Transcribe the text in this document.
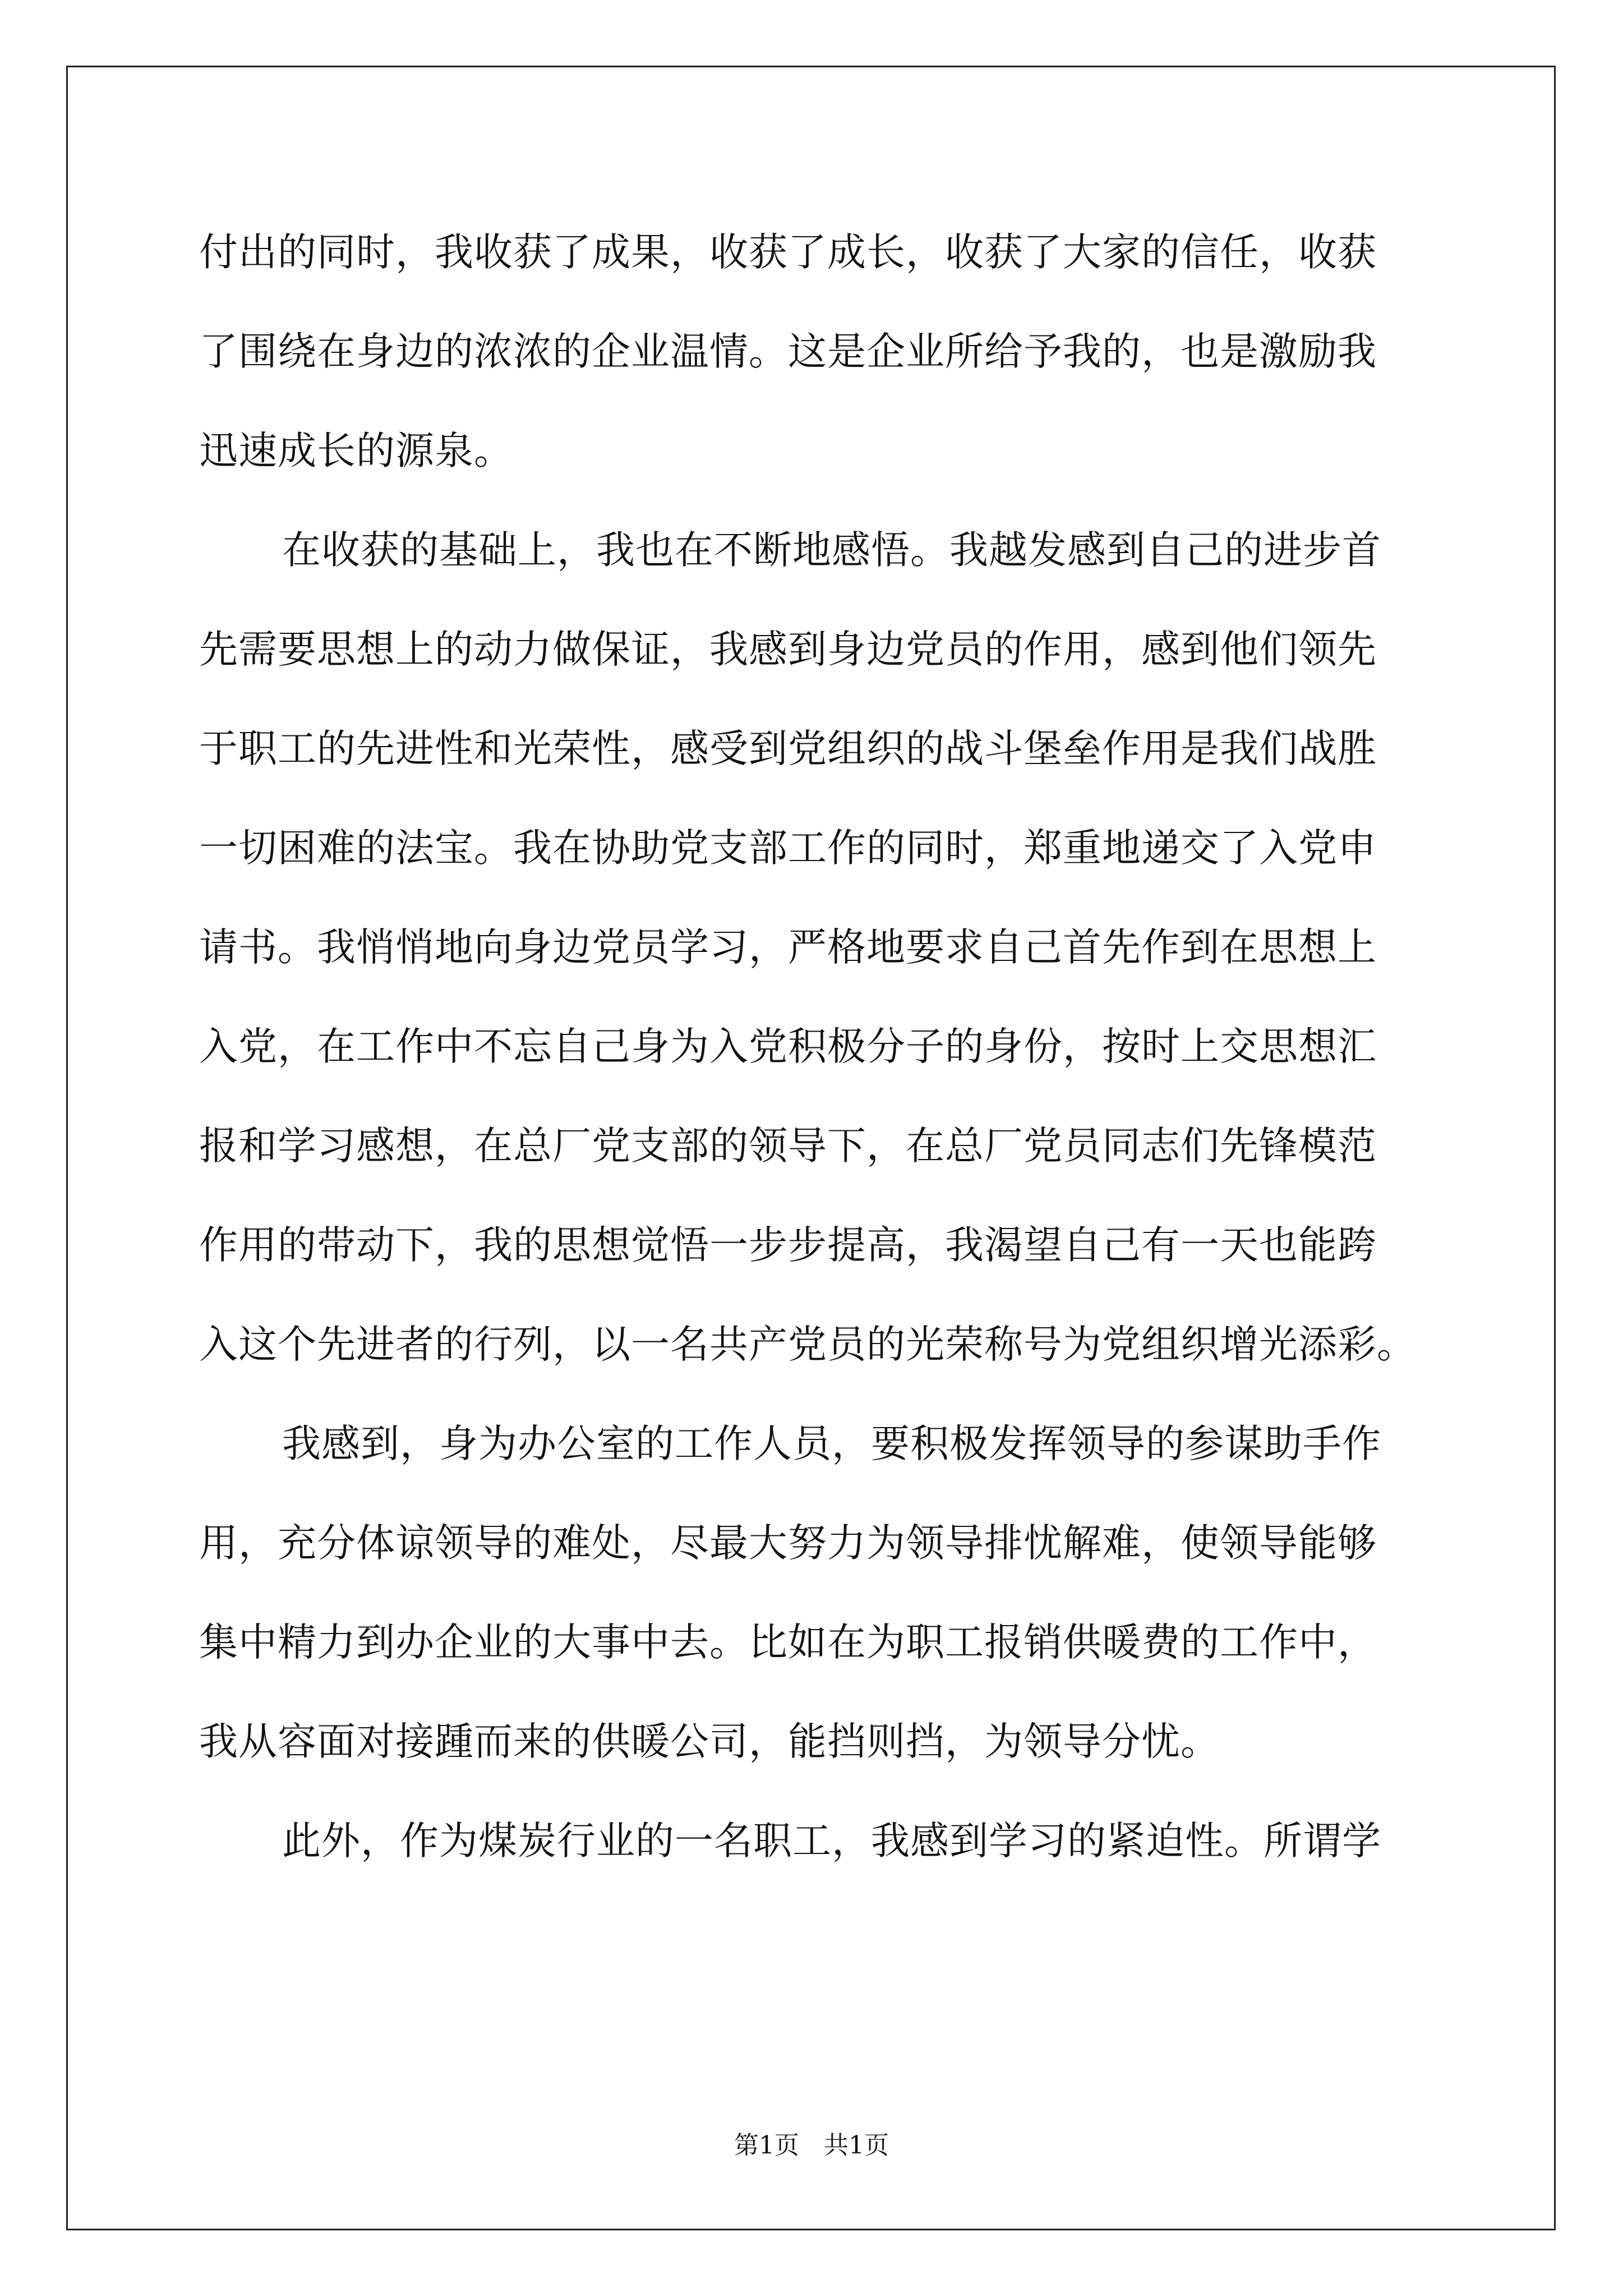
付出的同时，我收获了成果，收获了成长，收获了大家的信任，收获
了围绕在身边的浓浓的企业温情。这是企业所给予我的，也是激励我
迅速成长的源泉。
在收获的基础上，我也在不断地感悟。我越发感到自己的进步首
先需要思想上的动力做保证，我感到身边党员的作用，感到他们领先
于职工的先进性和光荣性，感受到党组织的战斗堡垒作用是我们战胜
一切困难的法宝。我在协助党支部工作的同时，郑重地递交了入党申
请书。我悄悄地向身边党员学习，严格地要求自己首先作到在思想上
入党，在工作中不忘自己身为入党积极分子的身份，按时上交思想汇
报和学习感想，在总厂党支部的领导下，在总厂党员同志们先锋模范
作用的带动下，我的思想觉悟一步步提高，我渴望自己有一天也能跨
入这个先进者的行列，以一名共产党员的光荣称号为党组织增光添彩。
我感到，身为办公室的工作人员，要积极发挥领导的参谋助手作
用，充分体谅领导的难处，尽最大努力为领导排忧解难，使领导能够
集中精力到办企业的大事中去。比如在为职工报销供暖费的工作中，
我从容面对接踵而来的供暖公司，能挡则挡，为领导分忧。
此外，作为煤炭行业的一名职工，我感到学习的紧迫性。所谓学
第1页　共1页
